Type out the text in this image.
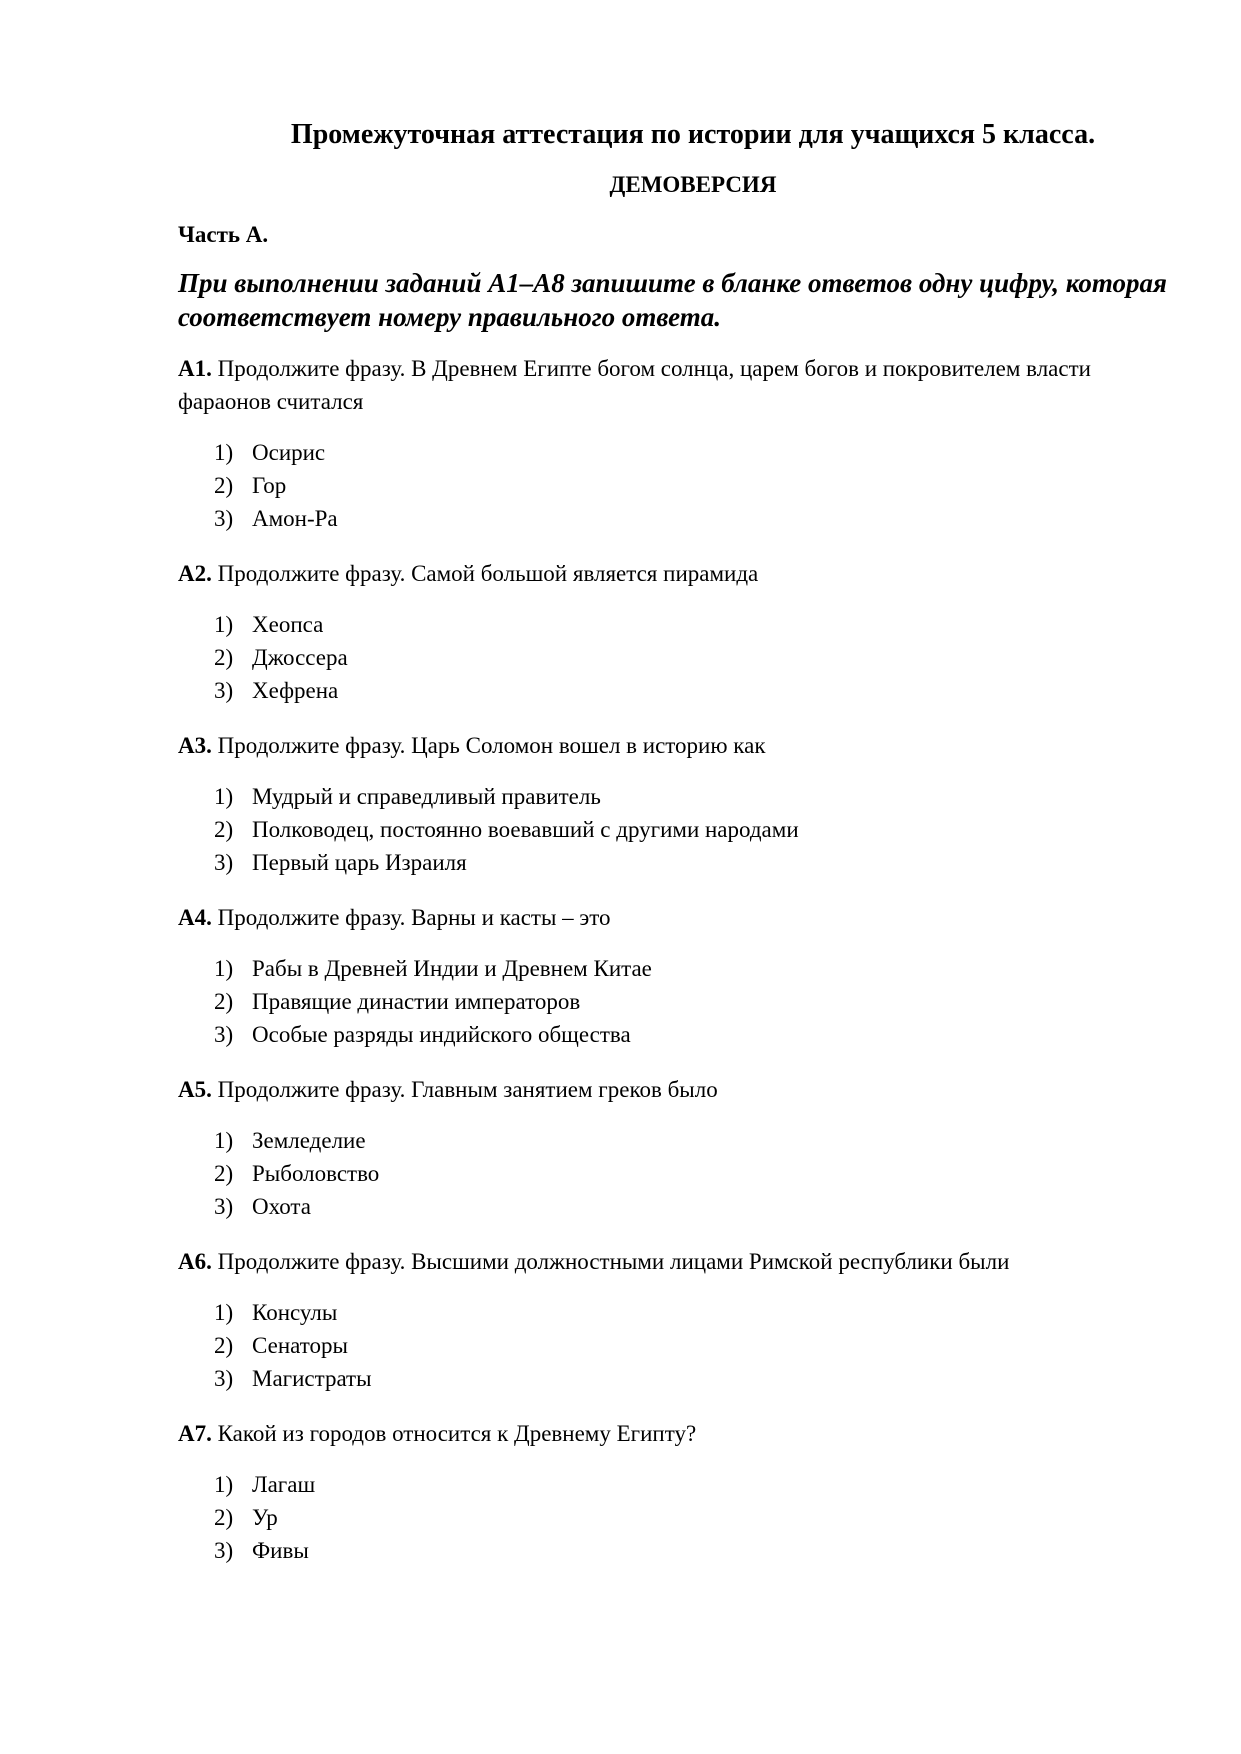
Промежуточная аттестация по истории для учащихся 5 класса.
ДЕМОВЕРСИЯ
Часть А.
При выполнении заданий А1–А8 запишите в бланке ответов одну цифру, которая соответствует номеру правильного ответа.

А1. Продолжите фразу. В Древнем Египте богом солнца, царем богов и покровителем власти фараонов считался

1) Осирис
2) Гор
3) Амон-Ра

А2. Продолжите фразу. Самой большой является пирамида

1) Хеопса
2) Джоссера
3) Хефрена

А3. Продолжите фразу. Царь Соломон вошел в историю как

1) Мудрый и справедливый правитель
2) Полководец, постоянно воевавший с другими народами
3) Первый царь Израиля

А4. Продолжите фразу. Варны и касты – это

1) Рабы в Древней Индии и Древнем Китае
2) Правящие династии императоров
3) Особые разряды индийского общества

А5. Продолжите фразу. Главным занятием греков было

1) Земледелие
2) Рыболовство
3) Охота

А6. Продолжите фразу. Высшими должностными лицами Римской республики были

1) Консулы
2) Сенаторы
3) Магистраты

А7. Какой из городов относится к Древнему Египту?

1) Лагаш
2) Ур
3) Фивы
